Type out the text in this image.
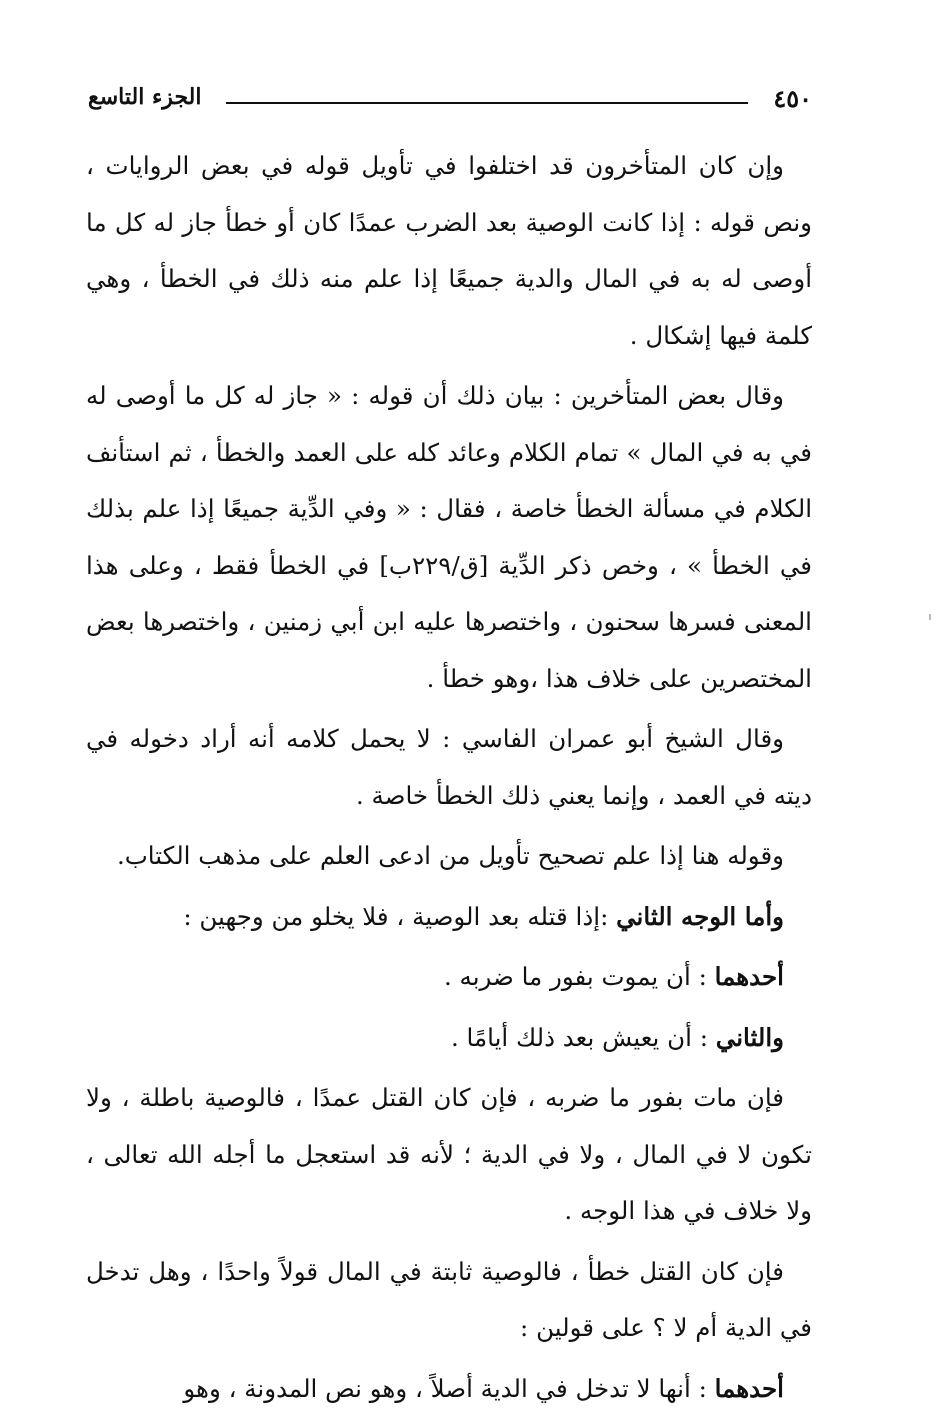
٤٥٠
الجزء التاسع

وإن كان المتأخرون قد اختلفوا في تأويل قوله في بعض الروايات ، ونص قوله : إذا كانت الوصية بعد الضرب عمدًا كان أو خطأ جاز له كل ما أوصى له به في المال والدية جميعًا إذا علم منه ذلك في الخطأ ، وهي كلمة فيها إشكال .

وقال بعض المتأخرين : بيان ذلك أن قوله : « جاز له كل ما أوصى له في به في المال » تمام الكلام وعائد كله على العمد والخطأ ، ثم استأنف الكلام في مسألة الخطأ خاصة ، فقال : « وفي الدِّية جميعًا إذا علم بذلك في الخطأ » ، وخص ذكر الدِّية [ق/٢٢٩ب] في الخطأ فقط ، وعلى هذا المعنى فسرها سحنون ، واختصرها عليه ابن أبي زمنين ، واختصرها بعض المختصرين على خلاف هذا ،وهو خطأ .

وقال الشيخ أبو عمران الفاسي : لا يحمل كلامه أنه أراد دخوله في ديته في العمد ، وإنما يعني ذلك الخطأ خاصة .

وقوله هنا إذا علم تصحيح تأويل من ادعى العلم على مذهب الكتاب.

وأما الوجه الثاني :إذا قتله بعد الوصية ، فلا يخلو من وجهين :

أحدهما : أن يموت بفور ما ضربه .

والثاني : أن يعيش بعد ذلك أيامًا .

فإن مات بفور ما ضربه ، فإن كان القتل عمدًا ، فالوصية باطلة ، ولا تكون لا في المال ، ولا في الدية ؛ لأنه قد استعجل ما أجله الله تعالى ، ولا خلاف في هذا الوجه .

فإن كان القتل خطأ ، فالوصية ثابتة في المال قولاً واحدًا ، وهل تدخل في الدية أم لا ؟ على قولين :

أحدهما : أنها لا تدخل في الدية أصلاً ، وهو نص المدونة ، وهو
